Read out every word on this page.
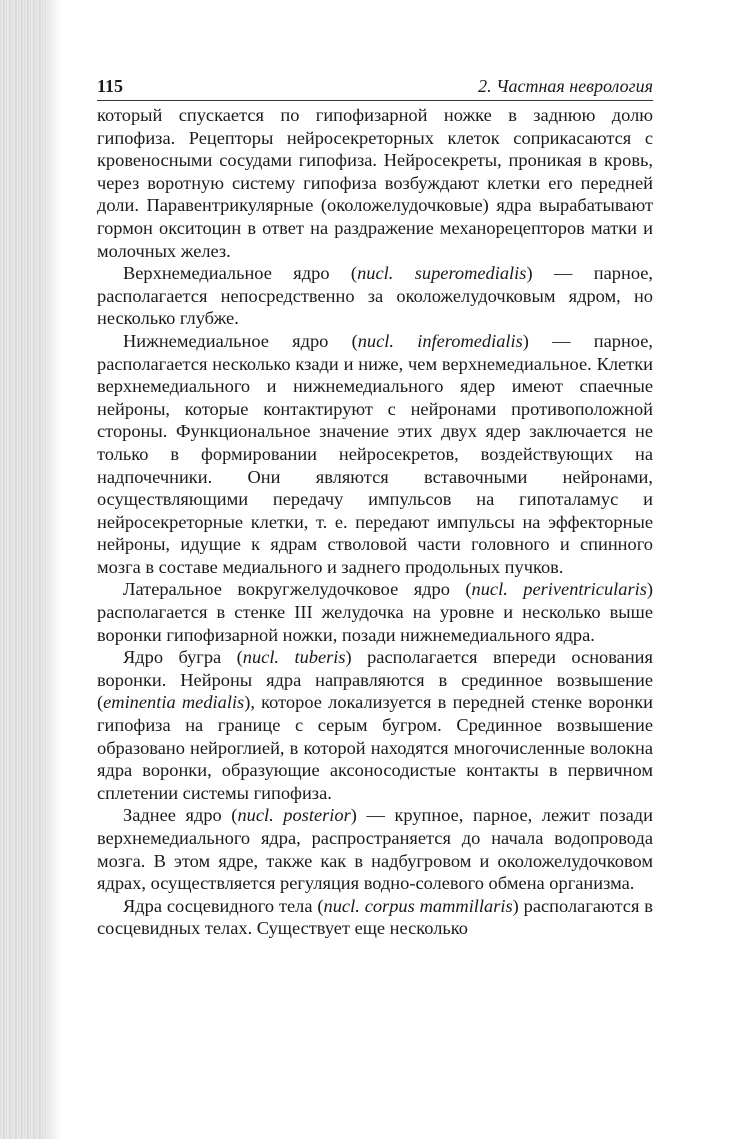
115	2. Частная неврология

который спускается по гипофизарной ножке в заднюю долю гипофиза. Рецепторы нейросекреторных клеток соприкасаются с кровеносными сосудами гипофиза. Нейросекреты, проникая в кровь, через воротную систему гипофиза возбуждают клетки его передней доли. Паравентрикулярные (околожелудочковые) ядра вырабатывают гормон окситоцин в ответ на раздражение механорецепторов матки и молочных желез.

Верхнемедиальное ядро (nucl. superomedialis) — парное, располагается непосредственно за околожелудочковым ядром, но несколько глубже.

Нижнемедиальное ядро (nucl. inferomedialis) — парное, располагается несколько кзади и ниже, чем верхнемедиальное. Клетки верхнемедиального и нижнемедиального ядер имеют спаечные нейроны, которые контактируют с нейронами противоположной стороны. Функциональное значение этих двух ядер заключается не только в формировании нейросекретов, воздействующих на надпочечники. Они являются вставочными нейронами, осуществляющими передачу импульсов на гипоталамус и нейросекреторные клетки, т. е. передают импульсы на эффекторные нейроны, идущие к ядрам стволовой части головного и спинного мозга в составе медиального и заднего продольных пучков.

Латеральное вокругжелудочковое ядро (nucl. periventricularis) располагается в стенке III желудочка на уровне и несколько выше воронки гипофизарной ножки, позади нижнемедиального ядра.

Ядро бугра (nucl. tuberis) располагается впереди основания воронки. Нейроны ядра направляются в срединное возвышение (eminentia medialis), которое локализуется в передней стенке воронки гипофиза на границе с серым бугром. Срединное возвышение образовано нейроглией, в которой находятся многочисленные волокна ядра воронки, образующие аксоносодистые контакты в первичном сплетении системы гипофиза.

Заднее ядро (nucl. posterior) — крупное, парное, лежит позади верхнемедиального ядра, распространяется до начала водопровода мозга. В этом ядре, также как в надбугровом и околожелудочковом ядрах, осуществляется регуляция водно-солевого обмена организма.

Ядра сосцевидного тела (nucl. corpus mammillaris) располагаются в сосцевидных телах. Существует еще несколько
